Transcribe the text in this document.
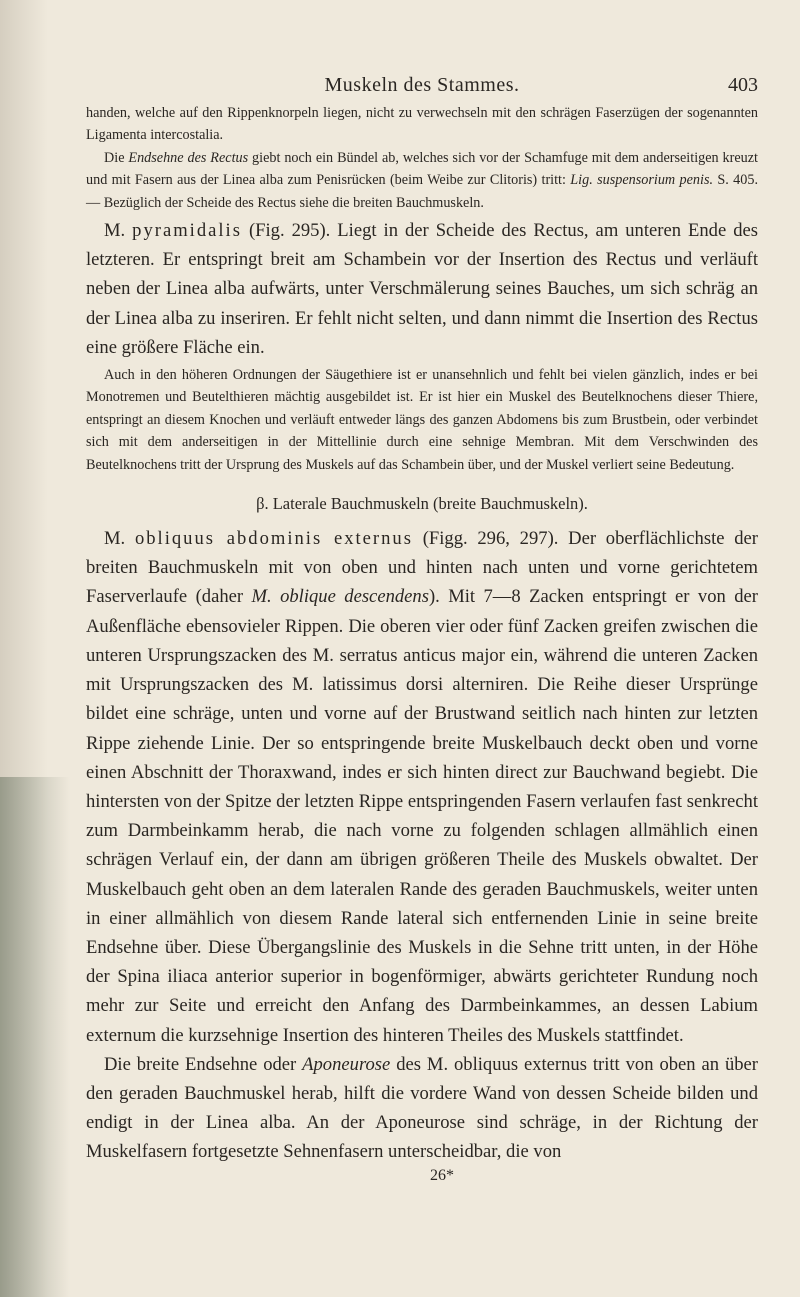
Muskeln des Stammes.	403

handen, welche auf den Rippenknorpeln liegen, nicht zu verwechseln mit den schrägen Faserzügen der sogenannten Ligamenta intercostalia.

Die Endsehne des Rectus giebt noch ein Bündel ab, welches sich vor der Schamfuge mit dem anderseitigen kreuzt und mit Fasern aus der Linea alba zum Penisrücken (beim Weibe zur Clitoris) tritt: Lig. suspensorium penis. S. 405. — Bezüglich der Scheide des Rectus siehe die breiten Bauchmuskeln.

M. pyramidalis (Fig. 295). Liegt in der Scheide des Rectus, am unteren Ende des letzteren. Er entspringt breit am Schambein vor der Insertion des Rectus und verläuft neben der Linea alba aufwärts, unter Verschmälerung seines Bauches, um sich schräg an der Linea alba zu inseriren. Er fehlt nicht selten, und dann nimmt die Insertion des Rectus eine größere Fläche ein.

Auch in den höheren Ordnungen der Säugethiere ist er unansehnlich und fehlt bei vielen gänzlich, indes er bei Monotremen und Beutelthieren mächtig ausgebildet ist. Er ist hier ein Muskel des Beutelknochens dieser Thiere, entspringt an diesem Knochen und verläuft entweder längs des ganzen Abdomens bis zum Brustbein, oder verbindet sich mit dem anderseitigen in der Mittellinie durch eine sehnige Membran. Mit dem Verschwinden des Beutelknochens tritt der Ursprung des Muskels auf das Schambein über, und der Muskel verliert seine Bedeutung.

β. Laterale Bauchmuskeln (breite Bauchmuskeln).

M. obliquus abdominis externus (Figg. 296, 297). Der oberflächlichste der breiten Bauchmuskeln mit von oben und hinten nach unten und vorne gerichtetem Faserverlaufe (daher M. oblique descendens). Mit 7—8 Zacken entspringt er von der Außenfläche ebensovieler Rippen. Die oberen vier oder fünf Zacken greifen zwischen die unteren Ursprungszacken des M. serratus anticus major ein, während die unteren Zacken mit Ursprungszacken des M. latissimus dorsi alterniren. Die Reihe dieser Ursprünge bildet eine schräge, unten und vorne auf der Brustwand seitlich nach hinten zur letzten Rippe ziehende Linie. Der so entspringende breite Muskelbauch deckt oben und vorne einen Abschnitt der Thoraxwand, indes er sich hinten direct zur Bauchwand begiebt. Die hintersten von der Spitze der letzten Rippe entspringenden Fasern verlaufen fast senkrecht zum Darmbeinkamm herab, die nach vorne zu folgenden schlagen allmählich einen schrägen Verlauf ein, der dann am übrigen größeren Theile des Muskels obwaltet. Der Muskelbauch geht oben an dem lateralen Rande des geraden Bauchmuskels, weiter unten in einer allmählich von diesem Rande lateral sich entfernenden Linie in seine breite Endsehne über. Diese Übergangslinie des Muskels in die Sehne tritt unten, in der Höhe der Spina iliaca anterior superior in bogenförmiger, abwärts gerichteter Rundung noch mehr zur Seite und erreicht den Anfang des Darmbeinkammes, an dessen Labium externum die kurzsehnige Insertion des hinteren Theiles des Muskels stattfindet.

Die breite Endsehne oder Aponeurose des M. obliquus externus tritt von oben an über den geraden Bauchmuskel herab, hilft die vordere Wand von dessen Scheide bilden und endigt in der Linea alba. An der Aponeurose sind schräge, in der Richtung der Muskelfasern fortgesetzte Sehnenfasern unterscheidbar, die von

26*
